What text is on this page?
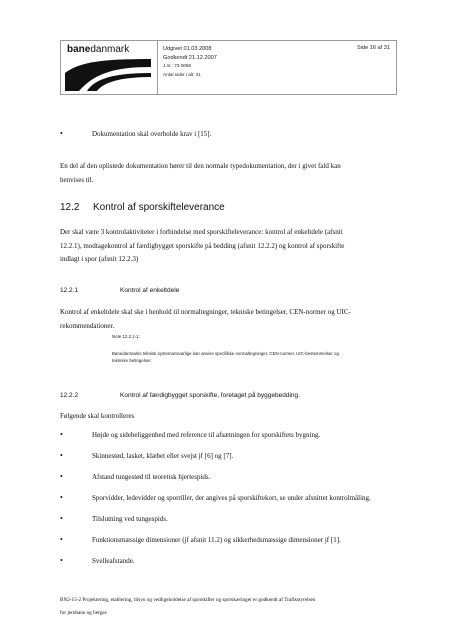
banedanmark	Udgivet 01.03.2008
Godkendt 21.12.2007
J.nr.: 73-0066
Antal sider i alt: 31
Side 16 af 31
•	Dokumentation skal overholde krav i [15].
En del af den oplistede dokumentation hører til den normale typedokumentation, der i givet fald kan
henvises til.
12.2 Kontrol af sporskifteleverance
Der skal være 3 kontrolaktiviteter i forbindelse med sporskifteleverance: kontrol af enkeltdele (afsnit
12.2.1), modtagekontrol af færdigbygget sporskifte på bedding (afsnit 12.2.2) og kontrol af sporskifte
indlagt i spor (afsnit 12.2.3)
12.2.1	Kontrol af enkeltdele
Kontrol af enkeltdele skal ske i henhold til normaltegninger, tekniske betingelser, CEN-normer og UIC-
rekommendationer.
Note 12.2.1-1:
Banedanmarks teknisk systemansvarlige kan anvise specifikke normaltegninger, CEN-normer, UIC-bestemmelser og
tekniske betingelser.
12.2.2	Kontrol af færdigbygget sporskifte, foretaget på byggebedding.
Følgende skal kontrolleres
•	Højde og sidebeliggenhed med reference til afsætningen for sporskiftets bygning.
•	Skinnestød, lasket, klæbet eller svejst jf [6] og [7].
•	Afstand tungestød til teoretisk hjertespids.
•	Sporvidder, ledevidder og sporriller, der angives på sporskiftekort, se under afsnittet kontrolmåling.
•	Tilslutning ved tungespids.
•	Funktionsmæssige dimensioner (jf afsnit 11.2) og sikkerhedsmæssige dimensioner jf [1].
•	Svelleafstande.
BN2-15-2 Projektering, etablering, tilsyn og vedligeholdelse af sporskifter og sporskæringer er godkendt af Trafikstyrelsen
for jernbane og færger.
